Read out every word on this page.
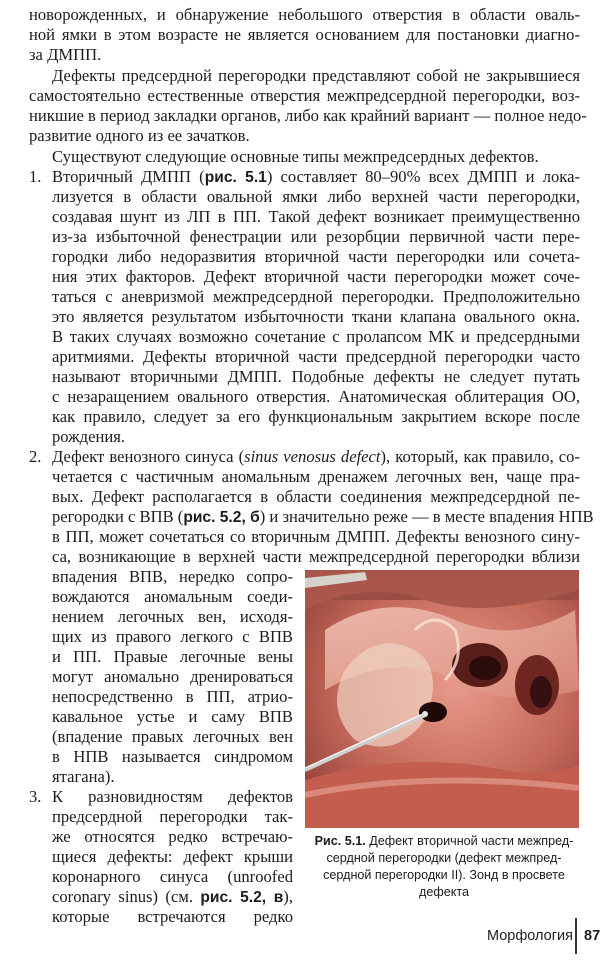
новорожденных, и обнаружение небольшого отверстия в области оваль-
ной ямки в этом возрасте не является основанием для постановки диагно-
за ДМПП.
Дефекты предсердной перегородки представляют собой не закрывшиеся
самостоятельно естественные отверстия межпредсердной перегородки, воз-
никшие в период закладки органов, либо как крайний вариант — полное недо-
развитие одного из ее зачатков.
Существуют следующие основные типы межпредсердных дефектов.
1. Вторичный ДМПП (рис. 5.1) составляет 80–90% всех ДМПП и лока-
лизуется в области овальной ямки либо верхней части перегородки,
создавая шунт из ЛП в ПП. Такой дефект возникает преимущественно
из-за избыточной фенестрации или резорбции первичной части пере-
городки либо недоразвития вторичной части перегородки или сочета-
ния этих факторов. Дефект вторичной части перегородки может сочe-
таться с аневризмой межпредсердной перегородки. Предположительно
это является результатом избыточности ткани клапана овального окна.
В таких случаях возможно сочетание с пролапсом МК и предсердными
аритмиями. Дефекты вторичной части предсердной перегородки часто
называют вторичными ДМПП. Подобные дефекты не следует путать
с незаращением овального отверстия. Анатомическая облитерация ОО,
как правило, следует за его функциональным закрытием вскоре после
рождения.
2. Дефект венозного синуса (sinus venosus defect), который, как правило, со-
четается с частичным аномальным дренажем легочных вен, чаще пра-
вых. Дефект располагается в области соединения межпредсердной пе-
регородки с ВПВ (рис. 5.2, б) и значительно реже — в месте впадения НПВ
в ПП, может сочетаться со вторичным ДМПП. Дефекты венозного сину-
са, возникающие в верхней части межпредсердной перегородки вблизи
впадения ВПВ, нередко сопро-
вождаются аномальным соеди-
нением легочных вен, исходя-
щих из правого легкого с ВПВ
и ПП. Правые легочные вены
могут аномально дренироваться
непосредственно в ПП, атрио-
кавальное устье и саму ВПВ
(впадение правых легочных вен
в НПВ называется синдромом
ятагана).
3. К разновидностям дефектов
предсердной перегородки так-
же относятся редко встречаю-
щиеся дефекты: дефект крыши
коронарного синуса (unroofed
coronary sinus) (см. рис. 5.2, в),
которые встречаются редко
Рис. 5.1. Дефект вторичной части межпред-
сердной перегородки (дефект межпред-
сердной перегородки II). Зонд в просвете
дефекта
Морфология 87
